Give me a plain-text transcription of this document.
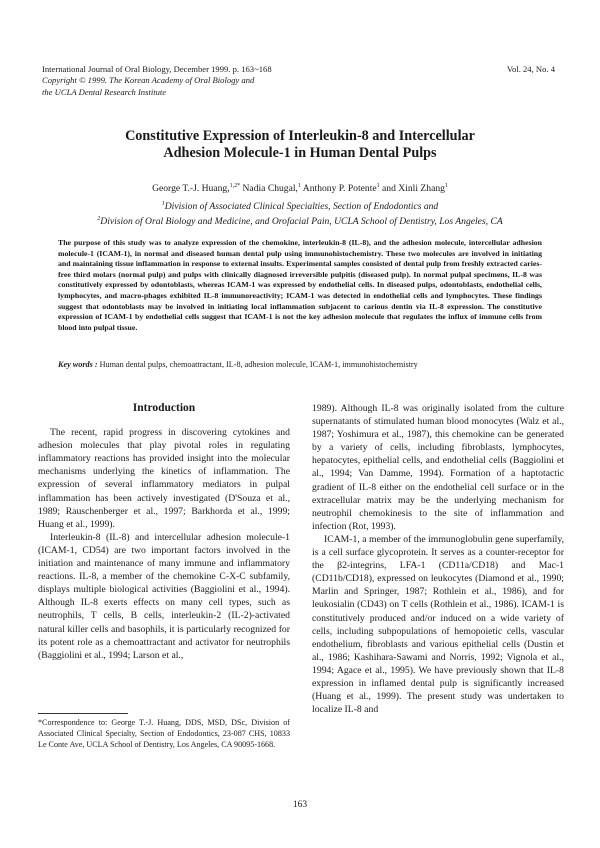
International Journal of Oral Biology, December 1999. p. 163~168
Copyright © 1999. The Korean Academy of Oral Biology and
the UCLA Dental Research Institute
Vol. 24, No. 4
Constitutive Expression of Interleukin-8 and Intercellular
Adhesion Molecule-1 in Human Dental Pulps
George T.-J. Huang,$^{1,2*}$ Nadia Chugal,$^1$ Anthony P. Potente$^1$ and Xinli Zhang$^1$
$^1$Division of Associated Clinical Specialties, Section of Endodontics and
$^2$Division of Oral Biology and Medicine, and Orofacial Pain, UCLA School of Dentistry, Los Angeles, CA
The purpose of this study was to analyze expression of the chemokine, interleukin-8 (IL-8), and the adhesion molecule, intercellular adhesion molecule-1 (ICAM-1), in normal and diseased human dental pulp using immunohistochemistry. These two molecules are involved in initiating and maintaining tissue inflammation in response to external insults. Experimental samples consisted of dental pulp from freshly extracted caries-free third molars (normal pulp) and pulps with clinically diagnosed irreversible pulpitis (diseased pulp). In normal pulpal specimens, IL-8 was constitutively expressed by odontoblasts, whereas ICAM-1 was expressed by endothelial cells. In diseased pulps, odontoblasts, endothelial cells, lymphocytes, and macro-phages exhibited IL-8 immunoreactivity; ICAM-1 was detected in endothelial cells and lymphocytes. These findings suggest that odontoblasts may be involved in initiating local inflammation subjacent to carious dentin via IL-8 expression. The constitutive expression of ICAM-1 by endothelial cells suggest that ICAM-1 is not the key adhesion molecule that regulates the influx of immune cells from blood into pulpal tissue.
Key words : Human dental pulps, chemoattractant, IL-8, adhesion molecule, ICAM-1, immunohistochemistry
Introduction

The recent, rapid progress in discovering cytokines and adhesion molecules that play pivotal roles in regulating inflammatory reactions has provided insight into the molecular mechanisms underlying the kinetics of inflammation. The expression of several inflammatory mediators in pulpal inflammation has been actively investigated (D'Souza et al., 1989; Rauschenberger et al., 1997; Barkhorda et al., 1999; Huang et al., 1999).

Interleukin-8 (IL-8) and intercellular adhesion molecule-1 (ICAM-1, CD54) are two important factors involved in the initiation and maintenance of many immune and inflammatory reactions. IL-8, a member of the chemokine C-X-C subfamily, displays multiple biological activities (Baggiolini et al., 1994). Although IL-8 exerts effects on many cell types, such as neutrophils, T cells, B cells, interleukin-2 (IL-2)-activated natural killer cells and basophils, it is particularly recognized for its potent role as a chemoattractant and activator for neutrophils (Baggiolini et al., 1994; Larson et al.,

1989). Although IL-8 was originally isolated from the culture supernatants of stimulated human blood monocytes (Walz et al., 1987; Yoshimura et al., 1987), this chemokine can be generated by a variety of cells, including fibroblasts, lymphocytes, hepatocytes, epithelial cells, and endothelial cells (Baggiolini et al., 1994; Van Damme, 1994). Formation of a haptotactic gradient of IL-8 either on the endothelial cell surface or in the extracellular matrix may be the underlying mechanism for neutrophil chemokinesis to the site of inflammation and infection (Rot, 1993).

ICAM-1, a member of the immunoglobulin gene superfamily, is a cell surface glycoprotein. It serves as a counter-receptor for the β2-integrins, LFA-1 (CD11a/CD18) and Mac-1 (CD11b/CD18), expressed on leukocytes (Diamond et al., 1990; Marlin and Springer, 1987; Rothlein et al., 1986), and for leukosialin (CD43) on T cells (Rothlein et al., 1986). ICAM-1 is constitutively produced and/or induced on a wide variety of cells, including subpopulations of hemopoietic cells, vascular endothelium, fibroblasts and various epithelial cells (Dustin et al., 1986; Kashihara-Sawami and Norris, 1992; Vignola et al., 1994; Agace et al., 1995). We have previously shown that IL-8 expression in inflamed dental pulp is significantly increased (Huang et al., 1999). The present study was undertaken to localize IL-8 and

*Correspondence to: George T.-J. Huang, DDS, MSD, DSc, Division of Associated Clinical Specialty, Section of Endodontics, 23-087 CHS, 10833 Le Conte Ave, UCLA School of Dentistry, Los Angeles, CA 90095-1668.
163
